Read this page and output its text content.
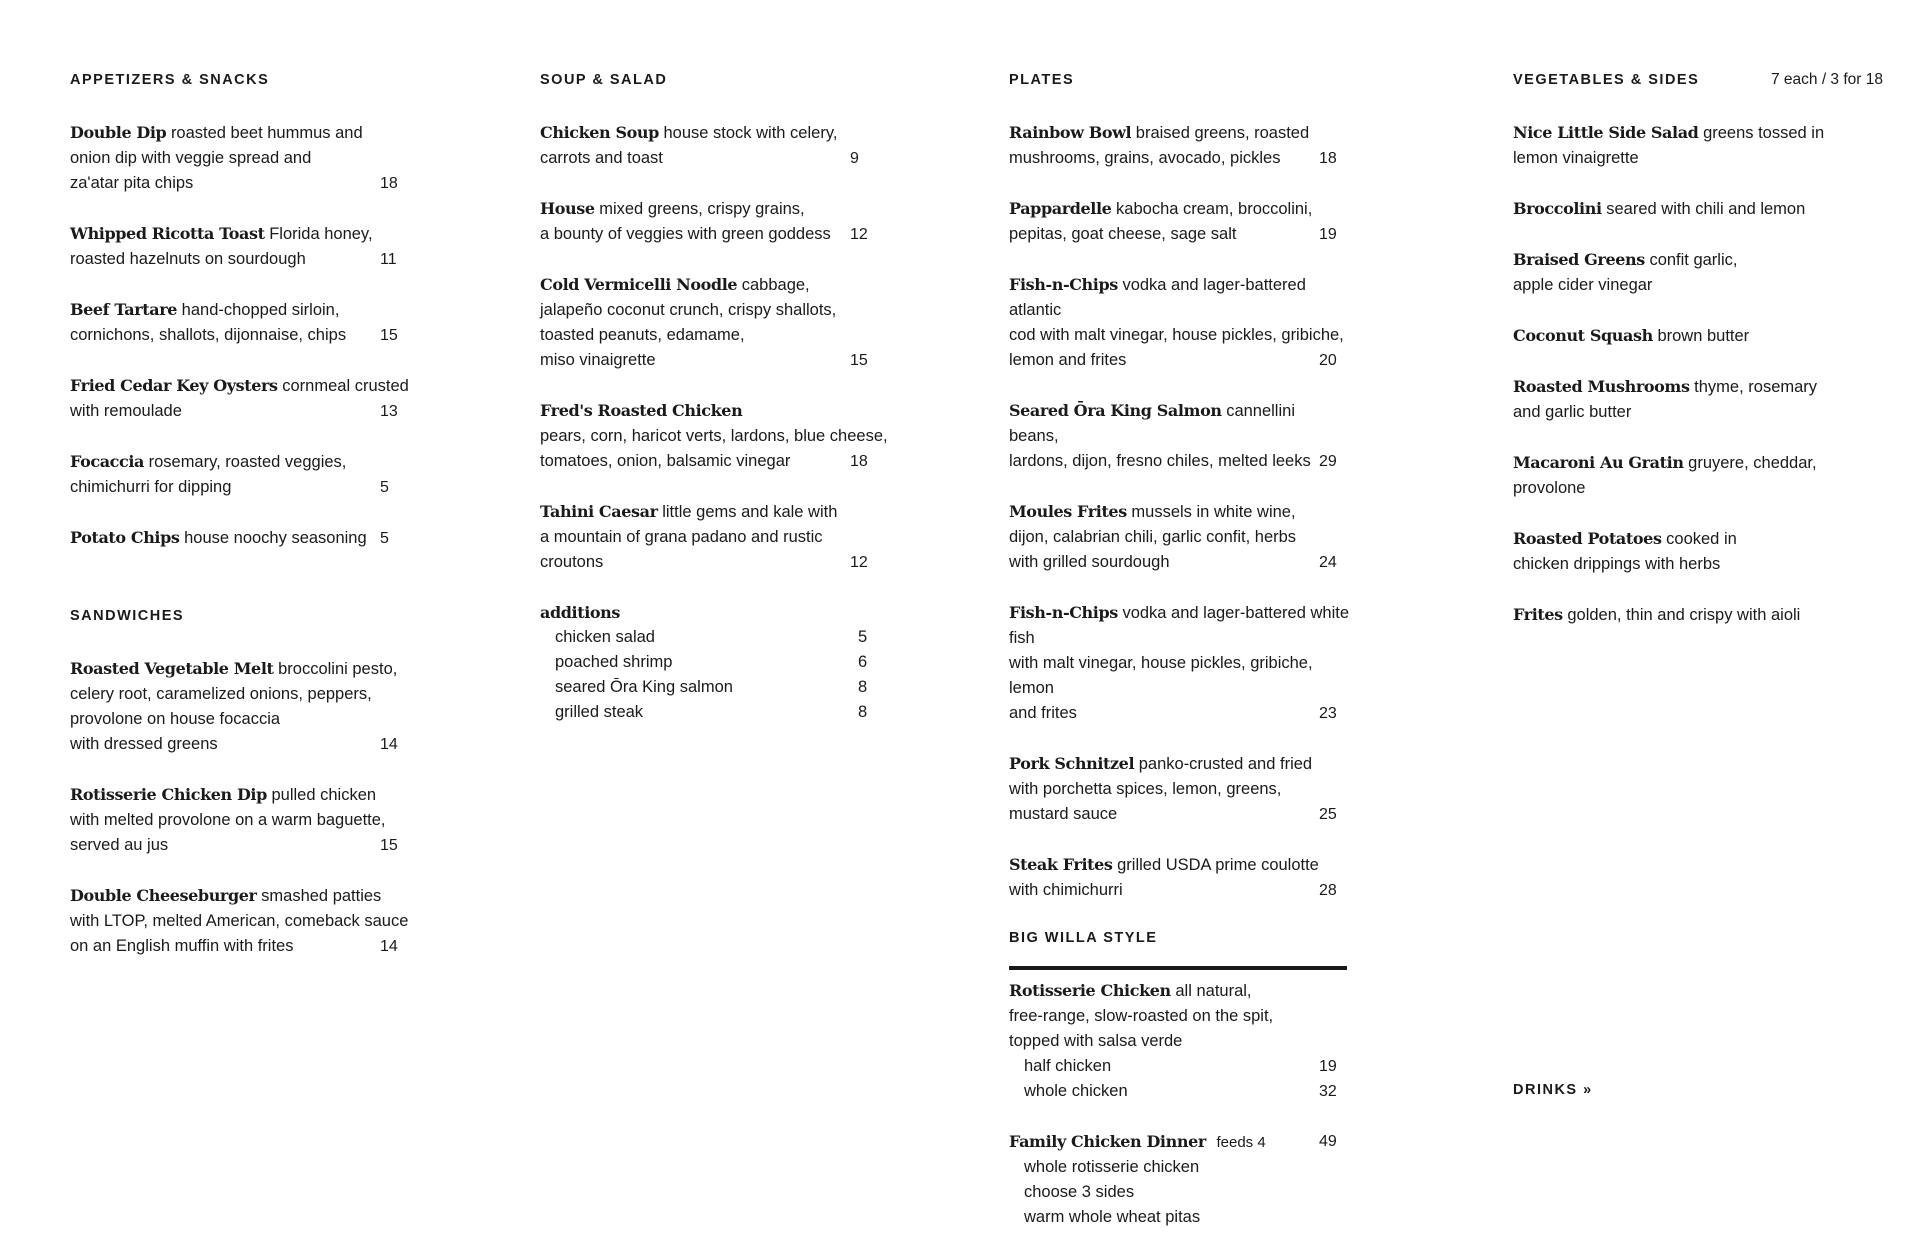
APPETIZERS & SNACKS
Double Dip roasted beet hummus and
onion dip with veggie spread and
za'atar pita chips	18
Whipped Ricotta Toast Florida honey,
roasted hazelnuts on sourdough	11
Beef Tartare hand-chopped sirloin,
cornichons, shallots, dijonnaise, chips	15
Fried Cedar Key Oysters cornmeal crusted
with remoulade	13
Focaccia rosemary, roasted veggies,
chimichurri for dipping	5
Potato Chips house noochy seasoning 5
SANDWICHES
Roasted Vegetable Melt broccolini pesto,
celery root, caramelized onions, peppers,
provolone on house focaccia
with dressed greens	14
Rotisserie Chicken Dip pulled chicken
with melted provolone on a warm baguette,
served au jus	15
Double Cheeseburger smashed patties
with LTOP, melted American, comeback sauce
on an English muffin with frites	14
SOUP & SALAD
Chicken Soup house stock with celery,
carrots and toast	9
House mixed greens, crispy grains,
a bounty of veggies with green goddess	12
Cold Vermicelli Noodle cabbage,
jalapeño coconut crunch, crispy shallots,
toasted peanuts, edamame,
miso vinaigrette	15
Fred's Roasted Chicken
pears, corn, haricot verts, lardons, blue cheese,
tomatoes, onion, balsamic vinegar	18
Tahini Caesar little gems and kale with
a mountain of grana padano and rustic
croutons	12
additions
chicken salad	5
poached shrimp	6
seared Ōra King salmon	8
grilled steak	8
PLATES
Rainbow Bowl braised greens, roasted
mushrooms, grains, avocado, pickles	18
Pappardelle kabocha cream, broccolini,
pepitas, goat cheese, sage salt	19
Fish-n-Chips vodka and lager-battered atlantic
cod with malt vinegar, house pickles, gribiche,
lemon and frites	20
Seared Ōra King Salmon cannellini beans,
lardons, dijon, fresno chiles, melted leeks 29
Moules Frites mussels in white wine,
dijon, calabrian chili, garlic confit, herbs
with grilled sourdough	24
Fish-n-Chips vodka and lager-battered white fish
with malt vinegar, house pickles, gribiche, lemon
and frites	23
Pork Schnitzel panko-crusted and fried
with porchetta spices, lemon, greens,
mustard sauce	25
Steak Frites grilled USDA prime coulotte
with chimichurri	28
BIG WILLA STYLE
Rotisserie Chicken all natural,
free-range, slow-roasted on the spit,
topped with salsa verde
half chicken	19
whole chicken	32
Family Chicken Dinner feeds 4	49
whole rotisserie chicken
choose 3 sides
warm whole wheat pitas
VEGETABLES & SIDES	7 each / 3 for 18
Nice Little Side Salad greens tossed in
lemon vinaigrette
Broccolini seared with chili and lemon
Braised Greens confit garlic,
apple cider vinegar
Coconut Squash brown butter
Roasted Mushrooms thyme, rosemary
and garlic butter
Macaroni Au Gratin gruyere, cheddar,
provolone
Roasted Potatoes cooked in
chicken drippings with herbs
Frites golden, thin and crispy with aioli
DRINKS »
